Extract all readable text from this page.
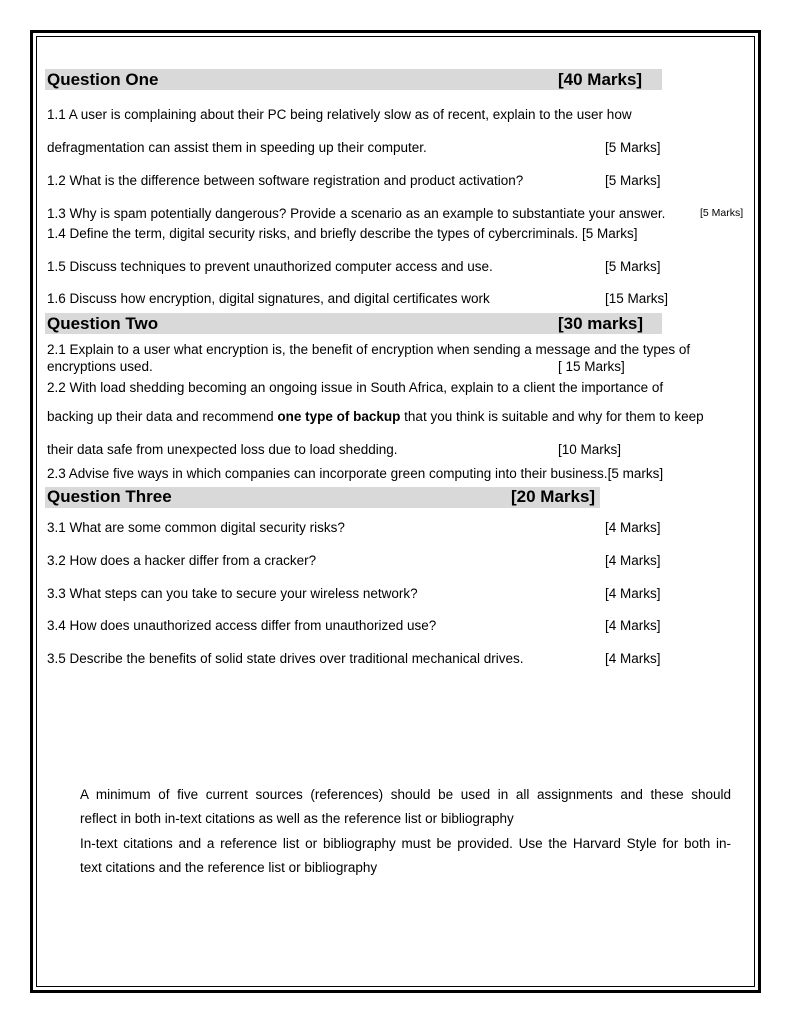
Question One	[40 Marks]
1.1 A user is complaining about their PC being relatively slow as of recent, explain to the user how
defragmentation can assist them in speeding up their computer.	[5 Marks]
1.2 What is the difference between software registration and product activation?	[5 Marks]
1.3 Why is spam potentially dangerous? Provide a scenario as an example to substantiate your answer.	[5 Marks]
1.4 Define the term, digital security risks, and briefly describe the types of cybercriminals. [5 Marks]
1.5 Discuss techniques to prevent unauthorized computer access and use.	[5 Marks]
1.6 Discuss how encryption, digital signatures, and digital certificates work	[15 Marks]
Question Two	[30 marks]
2.1 Explain to a user what encryption is, the benefit of encryption when sending a message and the types of
encryptions used.	[ 15 Marks]
2.2 With load shedding becoming an ongoing issue in South Africa, explain to a client the importance of
backing up their data and recommend one type of backup that you think is suitable and why for them to keep
their data safe from unexpected loss due to load shedding.	[10 Marks]
2.3 Advise five ways in which companies can incorporate green computing into their business.[5 marks]
Question Three	[20 Marks]
3.1 What are some common digital security risks?	[4 Marks]
3.2 How does a hacker differ from a cracker?	[4 Marks]
3.3 What steps can you take to secure your wireless network?	[4 Marks]
3.4 How does unauthorized access differ from unauthorized use?	[4 Marks]
3.5 Describe the benefits of solid state drives over traditional mechanical drives.	[4 Marks]
A minimum of five current sources (references) should be used in all assignments and these should
reflect in both in-text citations as well as the reference list or bibliography
In-text citations and a reference list or bibliography must be provided. Use the Harvard Style for both in-
text citations and the reference list or bibliography
